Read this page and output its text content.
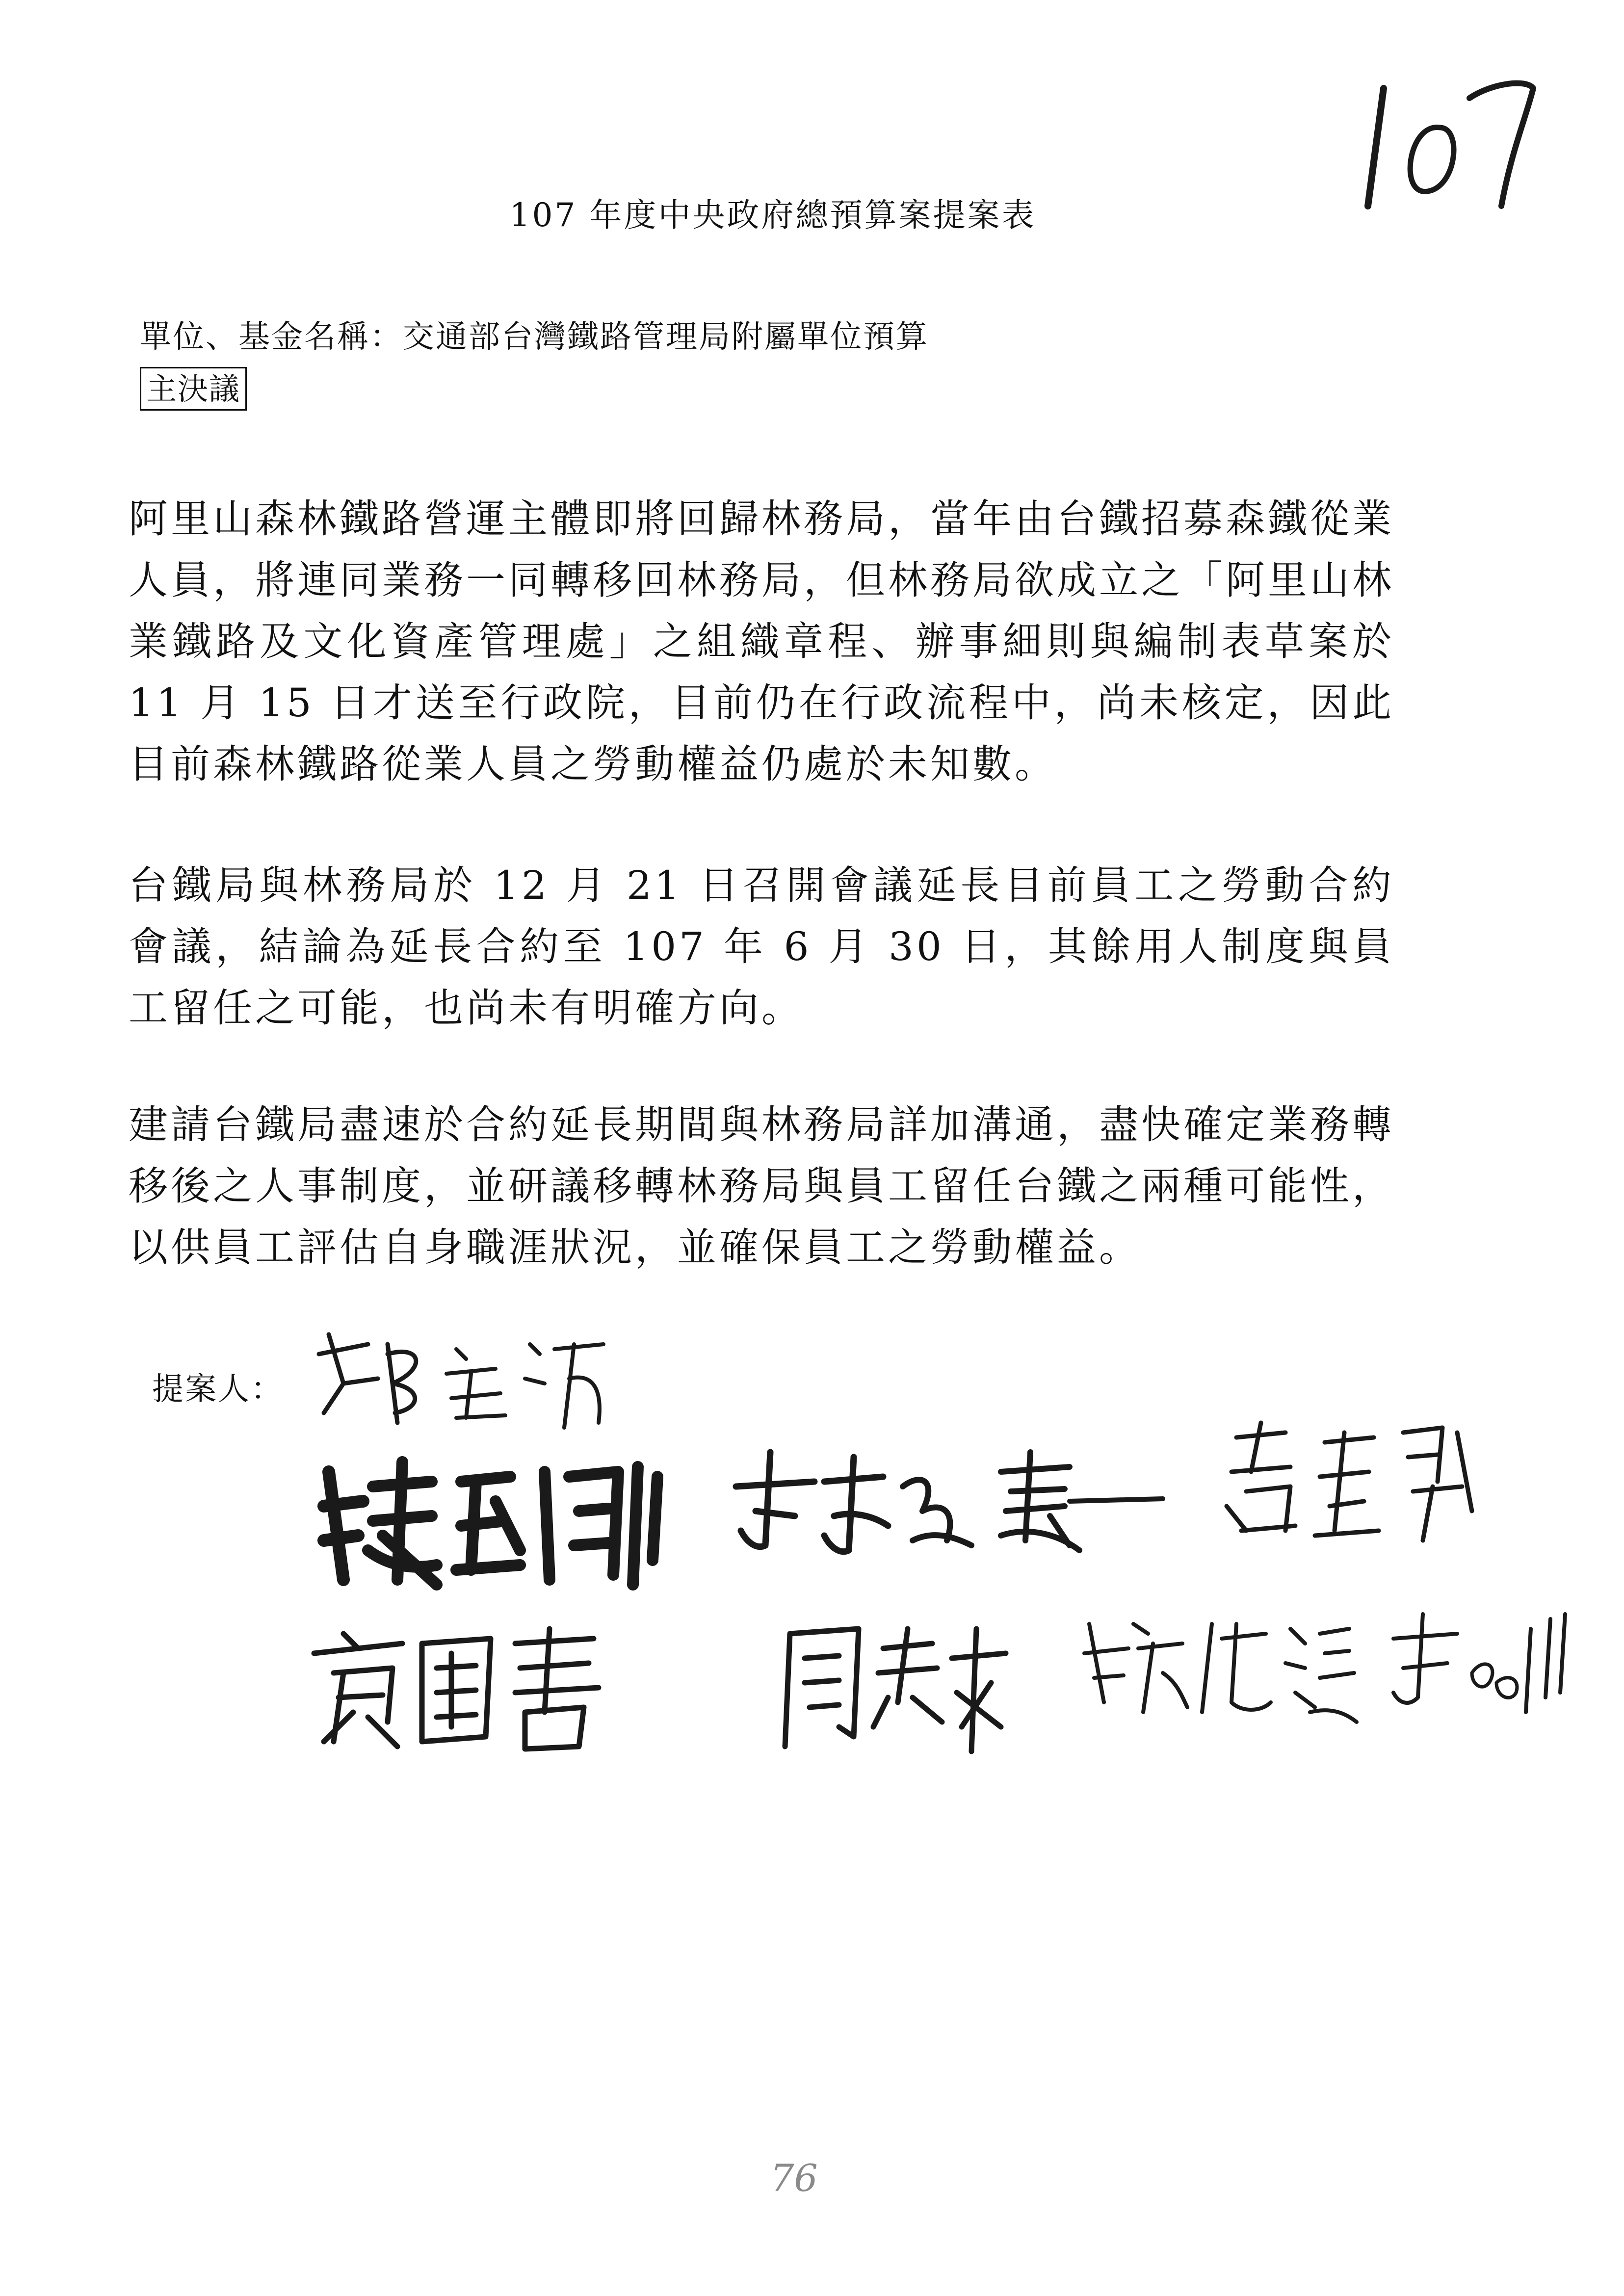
107 年度中央政府總預算案提案表
單位、基金名稱：交通部台灣鐵路管理局附屬單位預算
主決議

阿里山森林鐵路營運主體即將回歸林務局，當年由台鐵招募森鐵從業人員，將連同業務一同轉移回林務局，但林務局欲成立之「阿里山林業鐵路及文化資產管理處」之組織章程、辦事細則與編制表草案於 11 月 15 日才送至行政院，目前仍在行政流程中，尚未核定，因此目前森林鐵路從業人員之勞動權益仍處於未知數。

台鐵局與林務局於 12 月 21 日召開會議延長目前員工之勞動合約會議，結論為延長合約至 107 年 6 月 30 日，其餘用人制度與員工留任之可能，也尚未有明確方向。

建請台鐵局盡速於合約延長期間與林務局詳加溝通，盡快確定業務轉移後之人事制度，並研議移轉林務局與員工留任台鐵之兩種可能性，以供員工評估自身職涯狀況，並確保員工之勞動權益。

提案人：
76
